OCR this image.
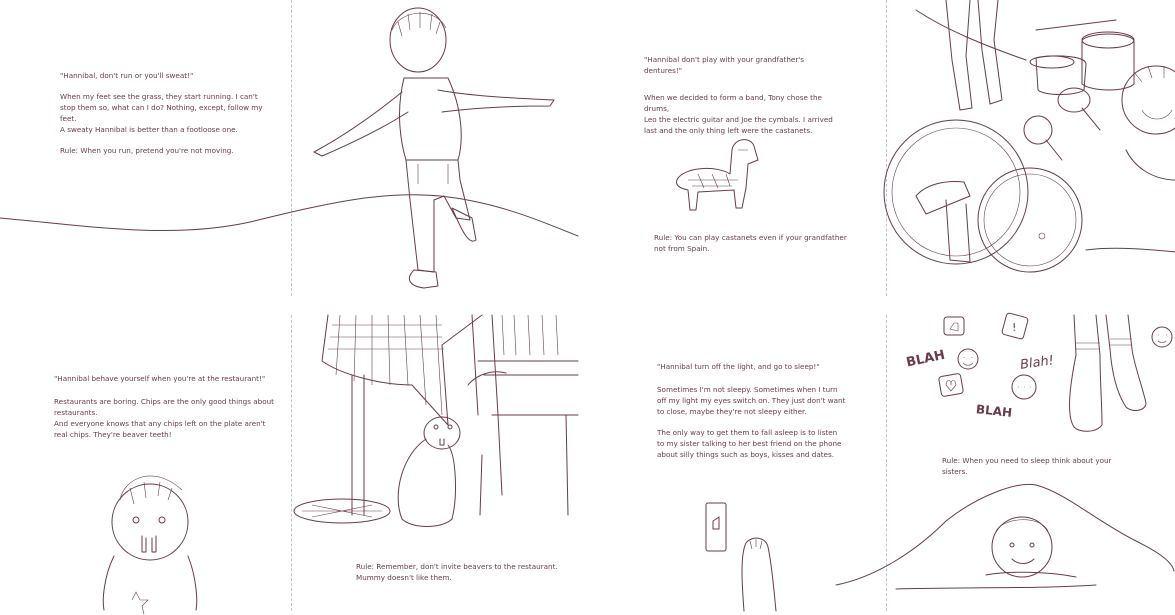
"Hannibal, don't run or you'll sweat!"

When my feet see the grass, they start running. I can't
stop them so, what can I do? Nothing, except, follow my feet.
A sweaty Hannibal is better than a footloose one.

Rule: When you run, pretend you're not moving.

"Hannibal don't play with your grandfather's dentures!"

When we decided to form a band, Tony chose the drums,
Leo the electric guitar and Joe the cymbals. I arrived
last and the only thing left were the castanets.

Rule: You can play castanets even if your grandfather
not from Spain.

"Hannibal behave yourself when you're at the restaurant!"

Restaurants are boring. Chips are the only good things about
restaurants.
And everyone knows that any chips left on the plate aren't
real chips. They're beaver teeth!

Rule: Remember, don't invite beavers to the restaurant.
Mummy doesn't like them.

"Hannibal turn off the light, and go to sleep!"

Sometimes I'm not sleepy. Sometimes when I turn
off my light my eyes switch on. They just don't want
to close, maybe they're not sleepy either.

The only way to get them to fall asleep is to listen
to my sister talking to her best friend on the phone
about silly things such as boys, kisses and dates.

!
BLAH	Blah!
BLAH
Rule: When you need to sleep think about your
sisters.
